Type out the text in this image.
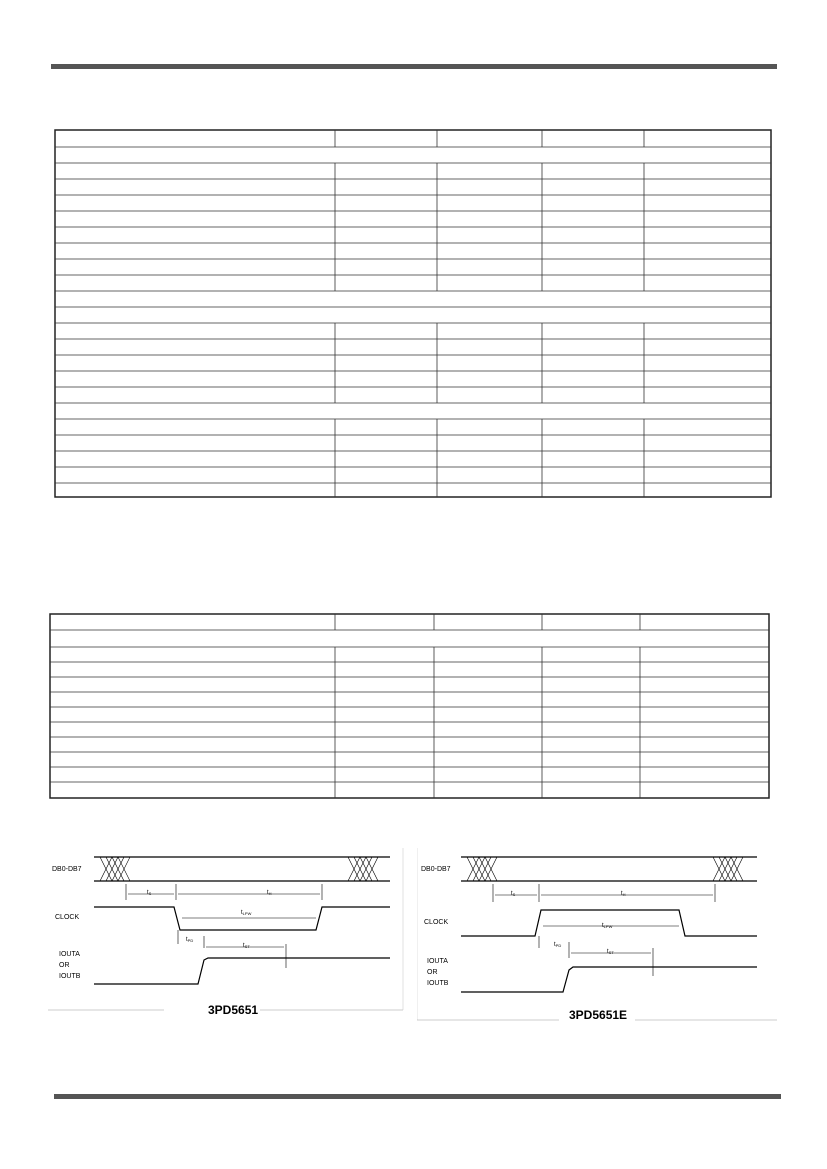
DB0-DB7
CLOCK
IOUTA
OR
IOUTB
$t_S$	$t_H$
$t_{LPW}$
$t_{PD}$
$t_{ST}$
3PD5651
DB0-DB7
CLOCK
IOUTA
OR
IOUTB
$t_S$	$t_H$
$t_{LPW}$
$t_{PD}$
$t_{ST}$
3PD5651E
